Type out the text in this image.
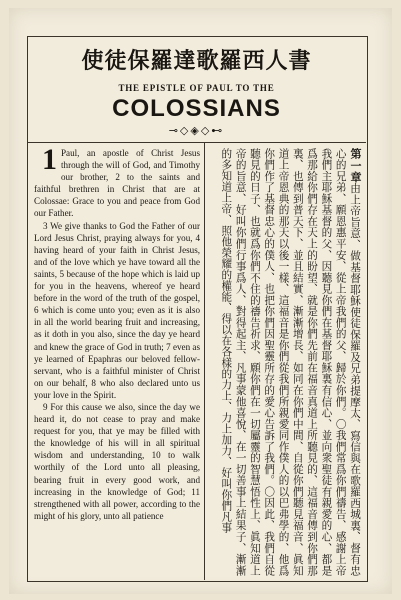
使徒保羅達歌羅西人書
THE EPISTLE OF PAUL TO THE
COLOSSIANS
⊸◇◈◇⊷

1 Paul, an apostle of Christ Jesus through the will of God, and Timothy our brother, 2 to the saints and faithful brethren in Christ that are at Colossae: Grace to you and peace from God our Father.

3 We give thanks to God the Father of our Lord Jesus Christ, praying always for you, 4 having heard of your faith in Christ Jesus, and of the love which ye have toward all the saints, 5 because of the hope which is laid up for you in the heavens, whereof ye heard before in the word of the truth of the gospel, 6 which is come unto you; even as it is also in all the world bearing fruit and increasing, as it doth in you also, since the day ye heard and knew the grace of God in truth; 7 even as ye learned of Epaphras our beloved fellow-servant, who is a faithful minister of Christ on our behalf, 8 who also declared unto us your love in the Spirit.

9 For this cause we also, since the day we heard it, do not cease to pray and make request for you, that ye may be filled with the knowledge of his will in all spiritual wisdom and understanding, 10 to walk worthily of the Lord unto all pleasing, bearing fruit in every good work, and increasing in the knowledge of God; 11 strengthened with all power, according to the might of his glory, unto all patience

第一章由上帝旨意、做基督耶穌使徒保羅及兄弟提摩太、寫信與在歌羅西城裏、督有忠心的兄弟、願恩惠平安、從上帝我們的父、歸於你們。〇我們常爲你們禱告、感謝上帝我們主耶穌基督的父、因聽見你們在基督耶穌裏有信心、並向衆聖徒有親愛的心、都是爲那給你們存在天上的盼望、就是你們先前在福音真道上所聽見的、這福音傳到你們那裏、也傳到普天下、並且結實、漸漸增長、如同在你們中間、自從你們聽見福音、眞知道上帝恩典的那天以後一樣、這福音是你們從我們所親愛同作僕人的以巴弗學的、他爲你們作了基督忠心的僕人、也把你們因聖靈所存的愛心告訴了我們。〇因此、我們自從聽見的日子、也就爲你們不住的禱告祈求、願你們在一切屬靈的智慧悟性上、眞知道上帝的旨意、好叫你們行事爲人、對得起主、凡事蒙他喜悅、在一切善事上結果子、漸漸的多知道上帝、照他榮耀的權能、得以在各樣的力上、力上加力、好叫你們凡事
